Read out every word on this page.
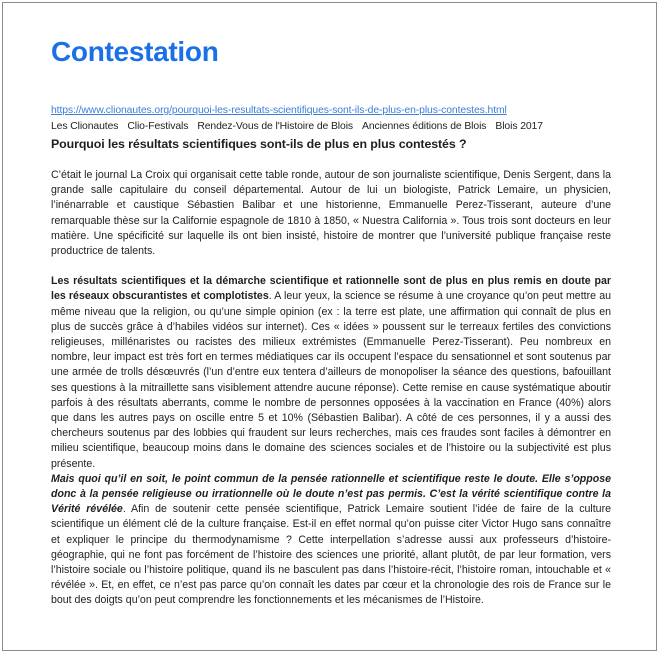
Contestation
https://www.clionautes.org/pourquoi-les-resultats-scientifiques-sont-ils-de-plus-en-plus-contestes.html
Les Clionautes Clio-Festivals Rendez-Vous de l'Histoire de Blois Anciennes éditions de Blois Blois 2017
Pourquoi les résultats scientifiques sont-ils de plus en plus contestés ?

C’était le journal La Croix qui organisait cette table ronde, autour de son journaliste scientifique, Denis Sergent, dans la grande salle capitulaire du conseil départemental. Autour de lui un biologiste, Patrick Lemaire, un physicien, l’inénarrable et caustique Sébastien Balibar et une historienne, Emmanuelle Perez-Tisserant, auteure d’une remarquable thèse sur la Californie espagnole de 1810 à 1850, « Nuestra California ». Tous trois sont docteurs en leur matière. Une spécificité sur laquelle ils ont bien insisté, histoire de montrer que l’université publique française reste productrice de talents.

Les résultats scientifiques et la démarche scientifique et rationnelle sont de plus en plus remis en doute par les réseaux obscurantistes et complotistes. A leur yeux, la science se résume à une croyance qu’on peut mettre au même niveau que la religion, ou qu’une simple opinion (ex : la terre est plate, une affirmation qui connaît de plus en plus de succès grâce à d’habiles vidéos sur internet). Ces « idées » poussent sur le terreaux fertiles des convictions religieuses, millénaristes ou racistes des milieux extrémistes (Emmanuelle Perez-Tisserant). Peu nombreux en nombre, leur impact est très fort en termes médiatiques car ils occupent l’espace du sensationnel et sont soutenus par une armée de trolls désœuvrés (l’un d’entre eux tentera d’ailleurs de monopoliser la séance des questions, bafouillant ses questions à la mitraillette sans visiblement attendre aucune réponse). Cette remise en cause systématique aboutir parfois à des résultats aberrants, comme le nombre de personnes opposées à la vaccination en France (40%) alors que dans les autres pays on oscille entre 5 et 10% (Sébastien Balibar). A côté de ces personnes, il y a aussi des chercheurs soutenus par des lobbies qui fraudent sur leurs recherches, mais ces fraudes sont faciles à démontrer en milieu scientifique, beaucoup moins dans le domaine des sciences sociales et de l’histoire ou la subjectivité est plus présente.

Mais quoi qu’il en soit, le point commun de la pensée rationnelle et scientifique reste le doute. Elle s’oppose donc à la pensée religieuse ou irrationnelle où le doute n’est pas permis. C’est la vérité scientifique contre la Vérité révélée. Afin de soutenir cette pensée scientifique, Patrick Lemaire soutient l’idée de faire de la culture scientifique un élément clé de la culture française. Est-il en effet normal qu’on puisse citer Victor Hugo sans connaître et expliquer le principe du thermodynamisme ? Cette interpellation s’adresse aussi aux professeurs d’histoire-géographie, qui ne font pas forcément de l’histoire des sciences une priorité, allant plutôt, de par leur formation, vers l’histoire sociale ou l’histoire politique, quand ils ne basculent pas dans l’histoire-récit, l’histoire roman, intouchable et « révélée ». Et, en effet, ce n’est pas parce qu’on connaît les dates par cœur et la chronologie des rois de France sur le bout des doigts qu’on peut comprendre les fonctionnements et les mécanismes de l’Histoire.
